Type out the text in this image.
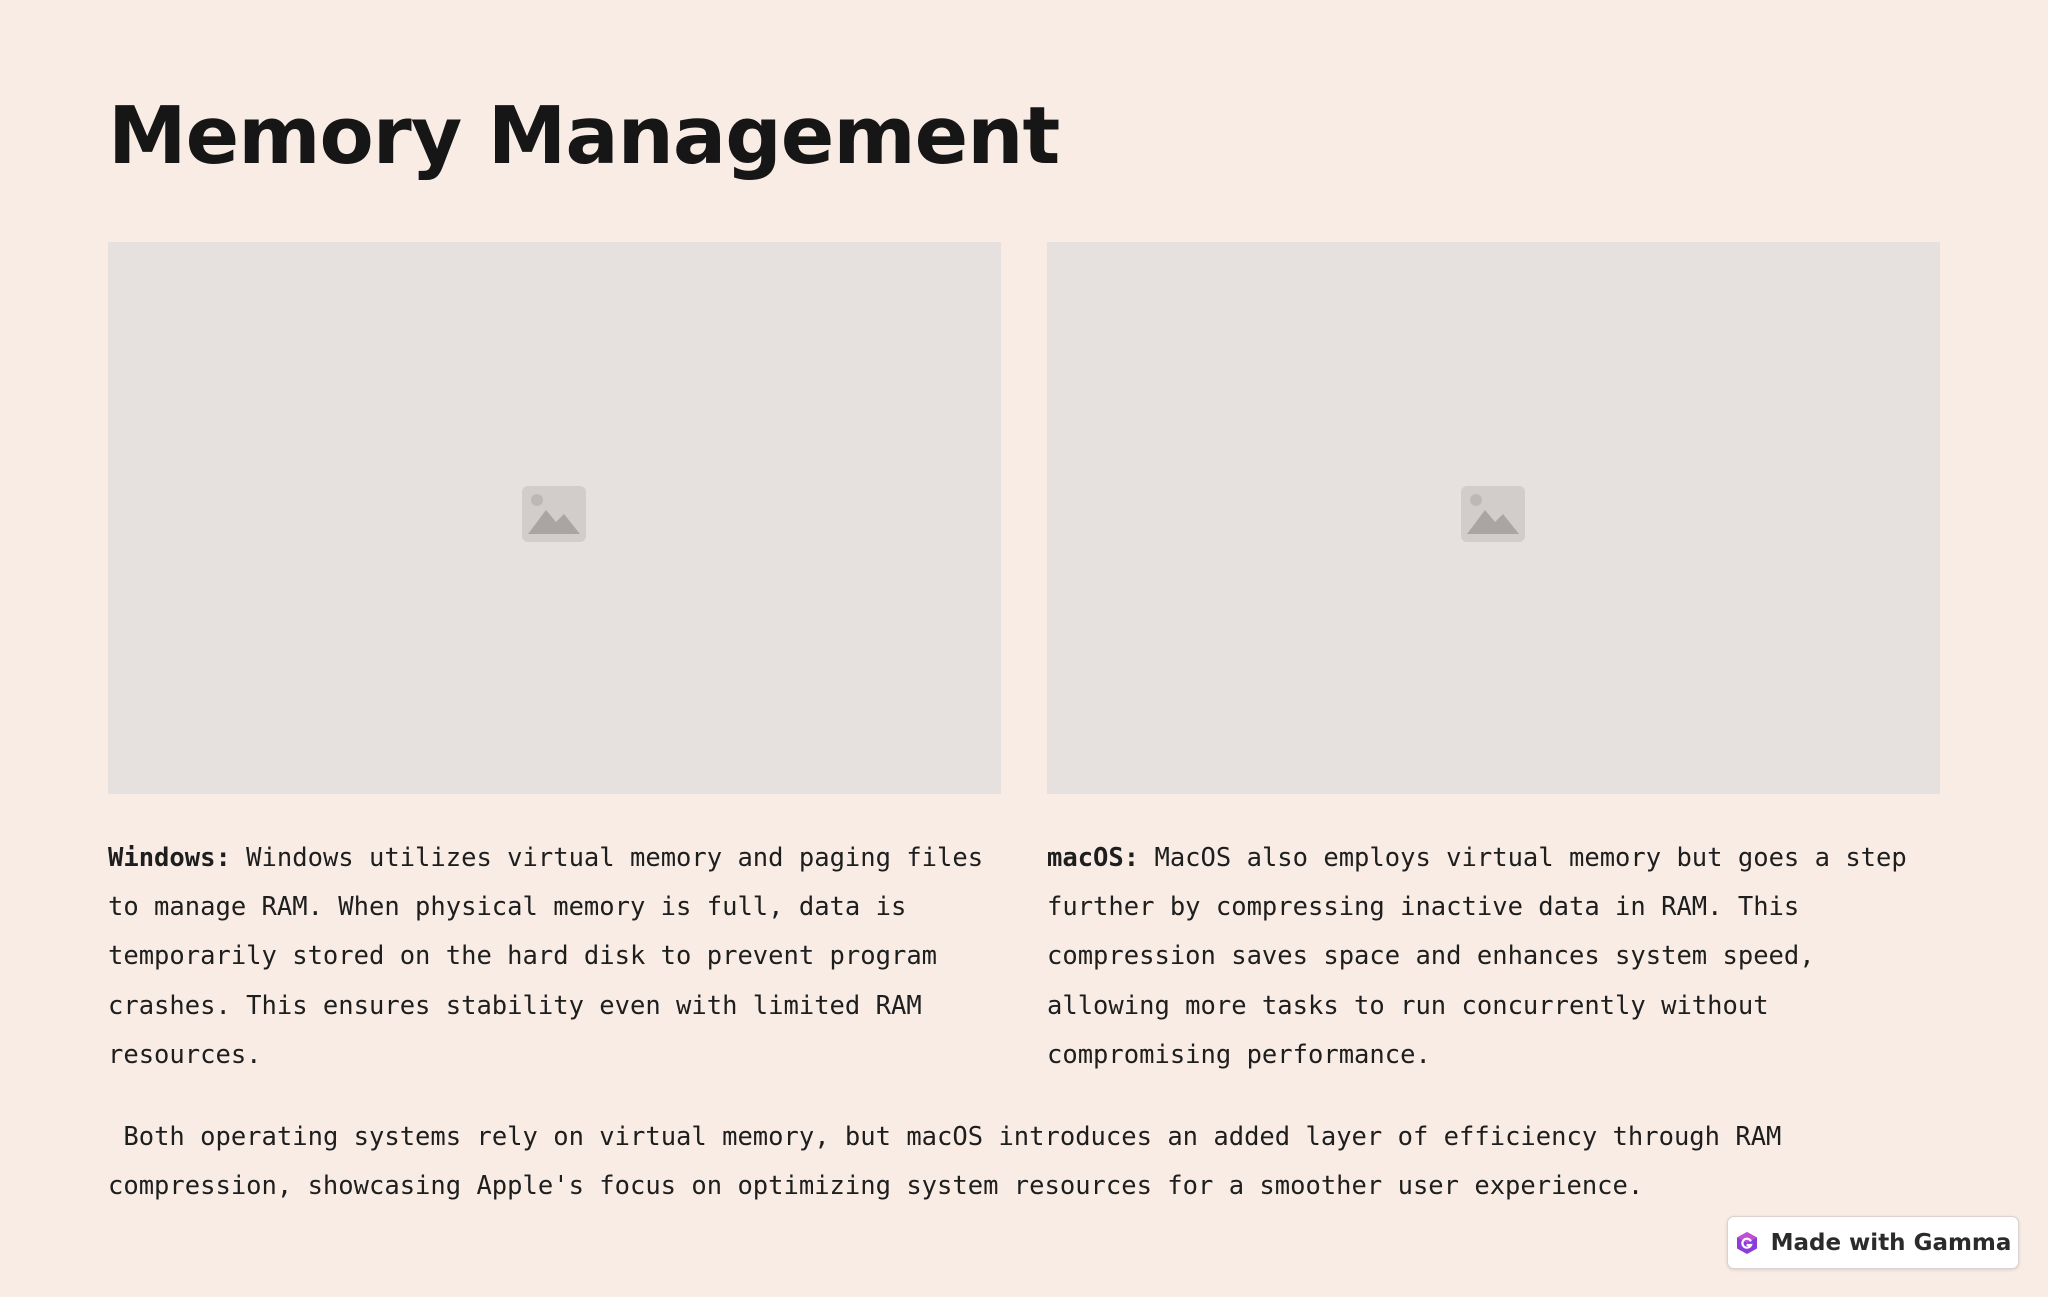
Memory Management

Windows: Windows utilizes virtual memory and paging files to manage RAM. When physical memory is full, data is temporarily stored on the hard disk to prevent program crashes. This ensures stability even with limited RAM resources.

macOS: MacOS also employs virtual memory but goes a step further by compressing inactive data in RAM. This compression saves space and enhances system speed, allowing more tasks to run concurrently without compromising performance.

Both operating systems rely on virtual memory, but macOS introduces an added layer of efficiency through RAM compression, showcasing Apple's focus on optimizing system resources for a smoother user experience.

Made with Gamma
